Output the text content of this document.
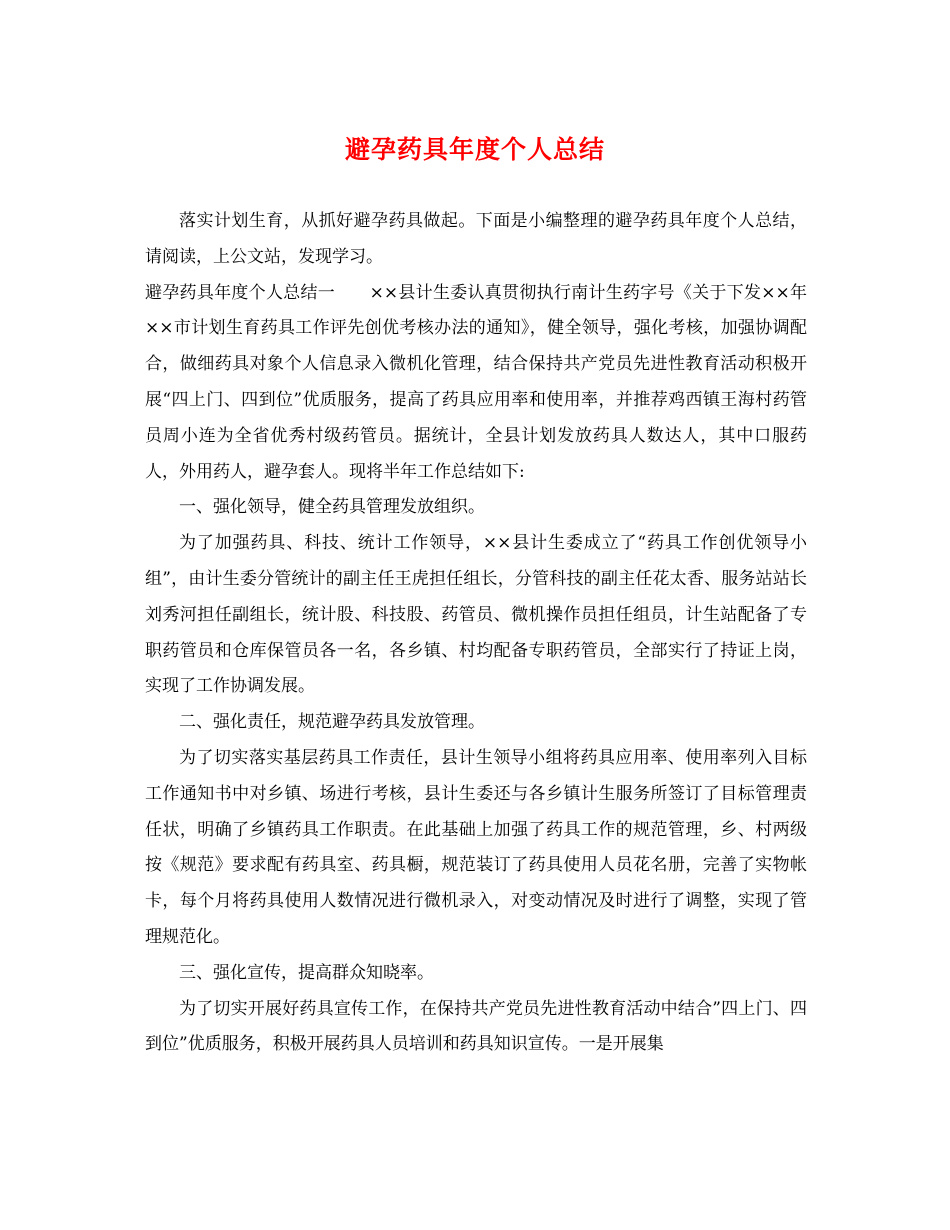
避孕药具年度个人总结

落实计划生育，从抓好避孕药具做起。下面是小编整理的避孕药具年度个人总结，请阅读，上公文站，发现学习。

避孕药具年度个人总结一　　××县计生委认真贯彻执行南计生药字号《关于下发××年××市计划生育药具工作评先创优考核办法的通知》，健全领导，强化考核，加强协调配合，做细药具对象个人信息录入微机化管理，结合保持共产党员先进性教育活动积极开展“四上门、四到位”优质服务，提高了药具应用率和使用率，并推荐鸡西镇王海村药管员周小连为全省优秀村级药管员。据统计，全县计划发放药具人数达人，其中口服药人，外用药人，避孕套人。现将半年工作总结如下:

一、强化领导，健全药具管理发放组织。

为了加强药具、科技、统计工作领导，××县计生委成立了“药具工作创优领导小组”，由计生委分管统计的副主任王虎担任组长，分管科技的副主任花太香、服务站站长刘秀河担任副组长，统计股、科技股、药管员、微机操作员担任组员，计生站配备了专职药管员和仓库保管员各一名，各乡镇、村均配备专职药管员，全部实行了持证上岗，实现了工作协调发展。

二、强化责任，规范避孕药具发放管理。

为了切实落实基层药具工作责任，县计生领导小组将药具应用率、使用率列入目标工作通知书中对乡镇、场进行考核，县计生委还与各乡镇计生服务所签订了目标管理责任状，明确了乡镇药具工作职责。在此基础上加强了药具工作的规范管理，乡、村两级按《规范》要求配有药具室、药具橱，规范装订了药具使用人员花名册，完善了实物帐卡，每个月将药具使用人数情况进行微机录入，对变动情况及时进行了调整，实现了管理规范化。

三、强化宣传，提高群众知晓率。

为了切实开展好药具宣传工作，在保持共产党员先进性教育活动中结合”四上门、四到位”优质服务，积极开展药具人员培训和药具知识宣传。一是开展集
